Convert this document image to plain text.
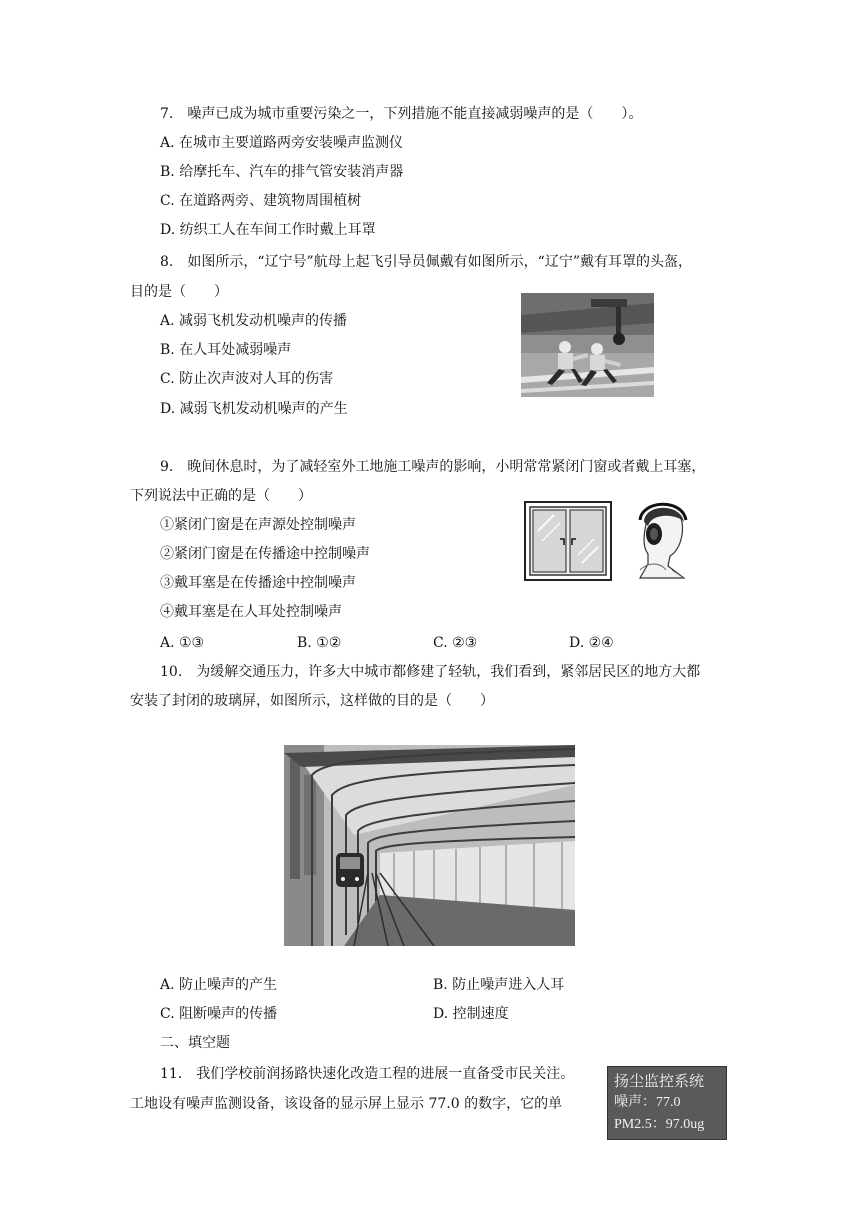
7.　噪声已成为城市重要污染之一，下列措施不能直接减弱噪声的是（　　）。
A. 在城市主要道路两旁安装噪声监测仪
B. 给摩托车、汽车的排气管安装消声器
C. 在道路两旁、建筑物周围植树
D. 纺织工人在车间工作时戴上耳罩
8.　如图所示，“辽宁号”航母上起飞引导员佩戴有如图所示，“辽宁”戴有耳罩的头盔，
目的是（　　）
A. 减弱飞机发动机噪声的传播
B. 在人耳处减弱噪声
C. 防止次声波对人耳的伤害
D. 减弱飞机发动机噪声的产生
9.　晚间休息时，为了减轻室外工地施工噪声的影响，小明常常紧闭门窗或者戴上耳塞，
下列说法中正确的是（　　）
①紧闭门窗是在声源处控制噪声
②紧闭门窗是在传播途中控制噪声
③戴耳塞是在传播途中控制噪声
④戴耳塞是在人耳处控制噪声
A. ①③	B. ①②	C. ②③	D. ②④
10.　为缓解交通压力，许多大中城市都修建了轻轨，我们看到，紧邻居民区的地方大都
安装了封闭的玻璃屏，如图所示，这样做的目的是（　　）
A. 防止噪声的产生	B. 防止噪声进入人耳
C. 阻断噪声的传播	D. 控制速度
二、填空题
11.　我们学校前润扬路快速化改造工程的进展一直备受市民关注。
工地设有噪声监测设备，该设备的显示屏上显示 77.0 的数字，它的单
扬尘监控系统
噪声：77.0
PM2.5：97.0ug
